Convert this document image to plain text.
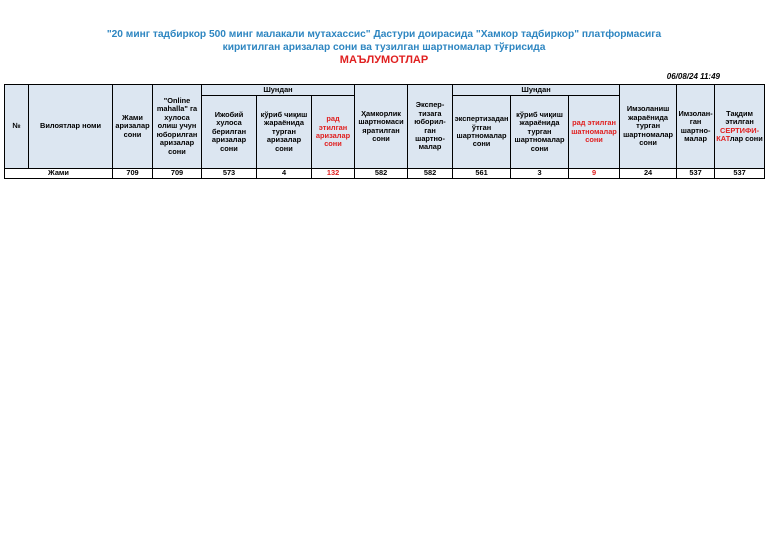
"20 минг тадбиркор 500 минг малакали мутахассис" Дастури доирасида "Хамкор тадбиркор" платформасига
киритилган аризалар сони ва тузилган шартномалар тўғрисида
МАЪЛУМОТЛАР
06/08/24 11:49
№	Вилоятлар номи	Жами аризалар сони	"Online mahalla" га хулоса олиш учун юборилган аризалар сони	Шундан			Ҳамкорлик шартномаси яратилган сони	Экспер-тизага юборил-ган шартно-малар	Шундан			Имзоланиш жараёнида турган шартномалар сони	Имзолан-ган шартно-малар	Тақдим этилган СЕРТИФИ-КАТлар сони
				Ижобий хулоса берилган аризалар сони	кўриб чиқиш жараёнида турган аризалар сони	рад этилган аризалар сони			экспертизадан ўтган шартномалар сони	кўриб чиқиш жараёнида турган шартномалар сони	рад этилган шатномалар сони			
Жами		709	709	573	4	132	582	582	561	3	9	24	537	537
